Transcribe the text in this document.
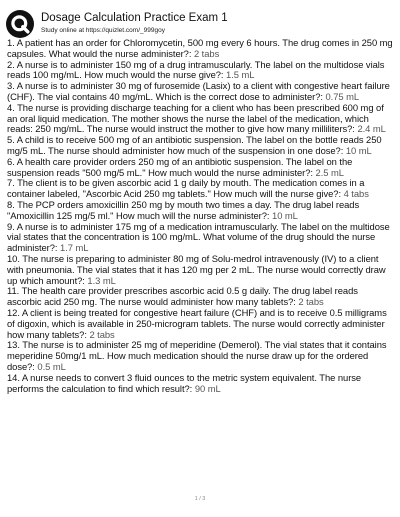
Dosage Calculation Practice Exam 1
Study online at https://quizlet.com/_999goy
1. A patient has an order for Chloromycetin, 500 mg every 6 hours. The drug comes in 250 mg capsules. What would the nurse administer?: 2 tabs
2. A nurse is to administer 150 mg of a drug intramuscularly. The label on the multidose vials reads 100 mg/mL. How much would the nurse give?: 1.5 mL
3. A nurse is to administer 30 mg of furosemide (Lasix) to a client with congestive heart failure (CHF). The vial contains 40 mg/mL. Which is the correct dose to administer?: 0.75 mL
4. The nurse is providing discharge teaching for a client who has been prescribed 600 mg of an oral liquid medication. The mother shows the nurse the label of the medication, which reads: 250 mg/mL. The nurse would instruct the mother to give how many milliliters?: 2.4 mL
5. A child is to receive 500 mg of an antibiotic suspension. The label on the bottle reads 250 mg/5 mL. The nurse should administer how much of the suspension in one dose?: 10 mL
6. A health care provider orders 250 mg of an antibiotic suspension. The label on the suspension reads "500 mg/5 mL." How much would the nurse administer?: 2.5 mL
7. The client is to be given ascorbic acid 1 g daily by mouth. The medication comes in a container labeled, "Ascorbic Acid 250 mg tablets." How much will the nurse give?: 4 tabs
8. The PCP orders amoxicillin 250 mg by mouth two times a day. The drug label reads "Amoxicillin 125 mg/5 ml." How much will the nurse administer?: 10 mL
9. A nurse is to administer 175 mg of a medication intramuscularly. The label on the multidose vial states that the concentration is 100 mg/mL. What volume of the drug should the nurse administer?: 1.7 mL
10. The nurse is preparing to administer 80 mg of Solu-medrol intravenously (IV) to a client with pneumonia. The vial states that it has 120 mg per 2 mL. The nurse would correctly draw up which amount?: 1.3 mL
11. The health care provider prescribes ascorbic acid 0.5 g daily. The drug label reads ascorbic acid 250 mg. The nurse would administer how many tablets?: 2 tabs
12. A client is being treated for congestive heart failure (CHF) and is to receive 0.5 milligrams of digoxin, which is available in 250-microgram tablets. The nurse would correctly administer how many tablets?: 2 tabs
13. The nurse is to administer 25 mg of meperidine (Demerol). The vial states that it contains meperidine 50mg/1 mL. How much medication should the nurse draw up for the ordered dose?: 0.5 mL
14. A nurse needs to convert 3 fluid ounces to the metric system equivalent. The nurse performs the calculation to find which result?: 90 mL
1 / 3
